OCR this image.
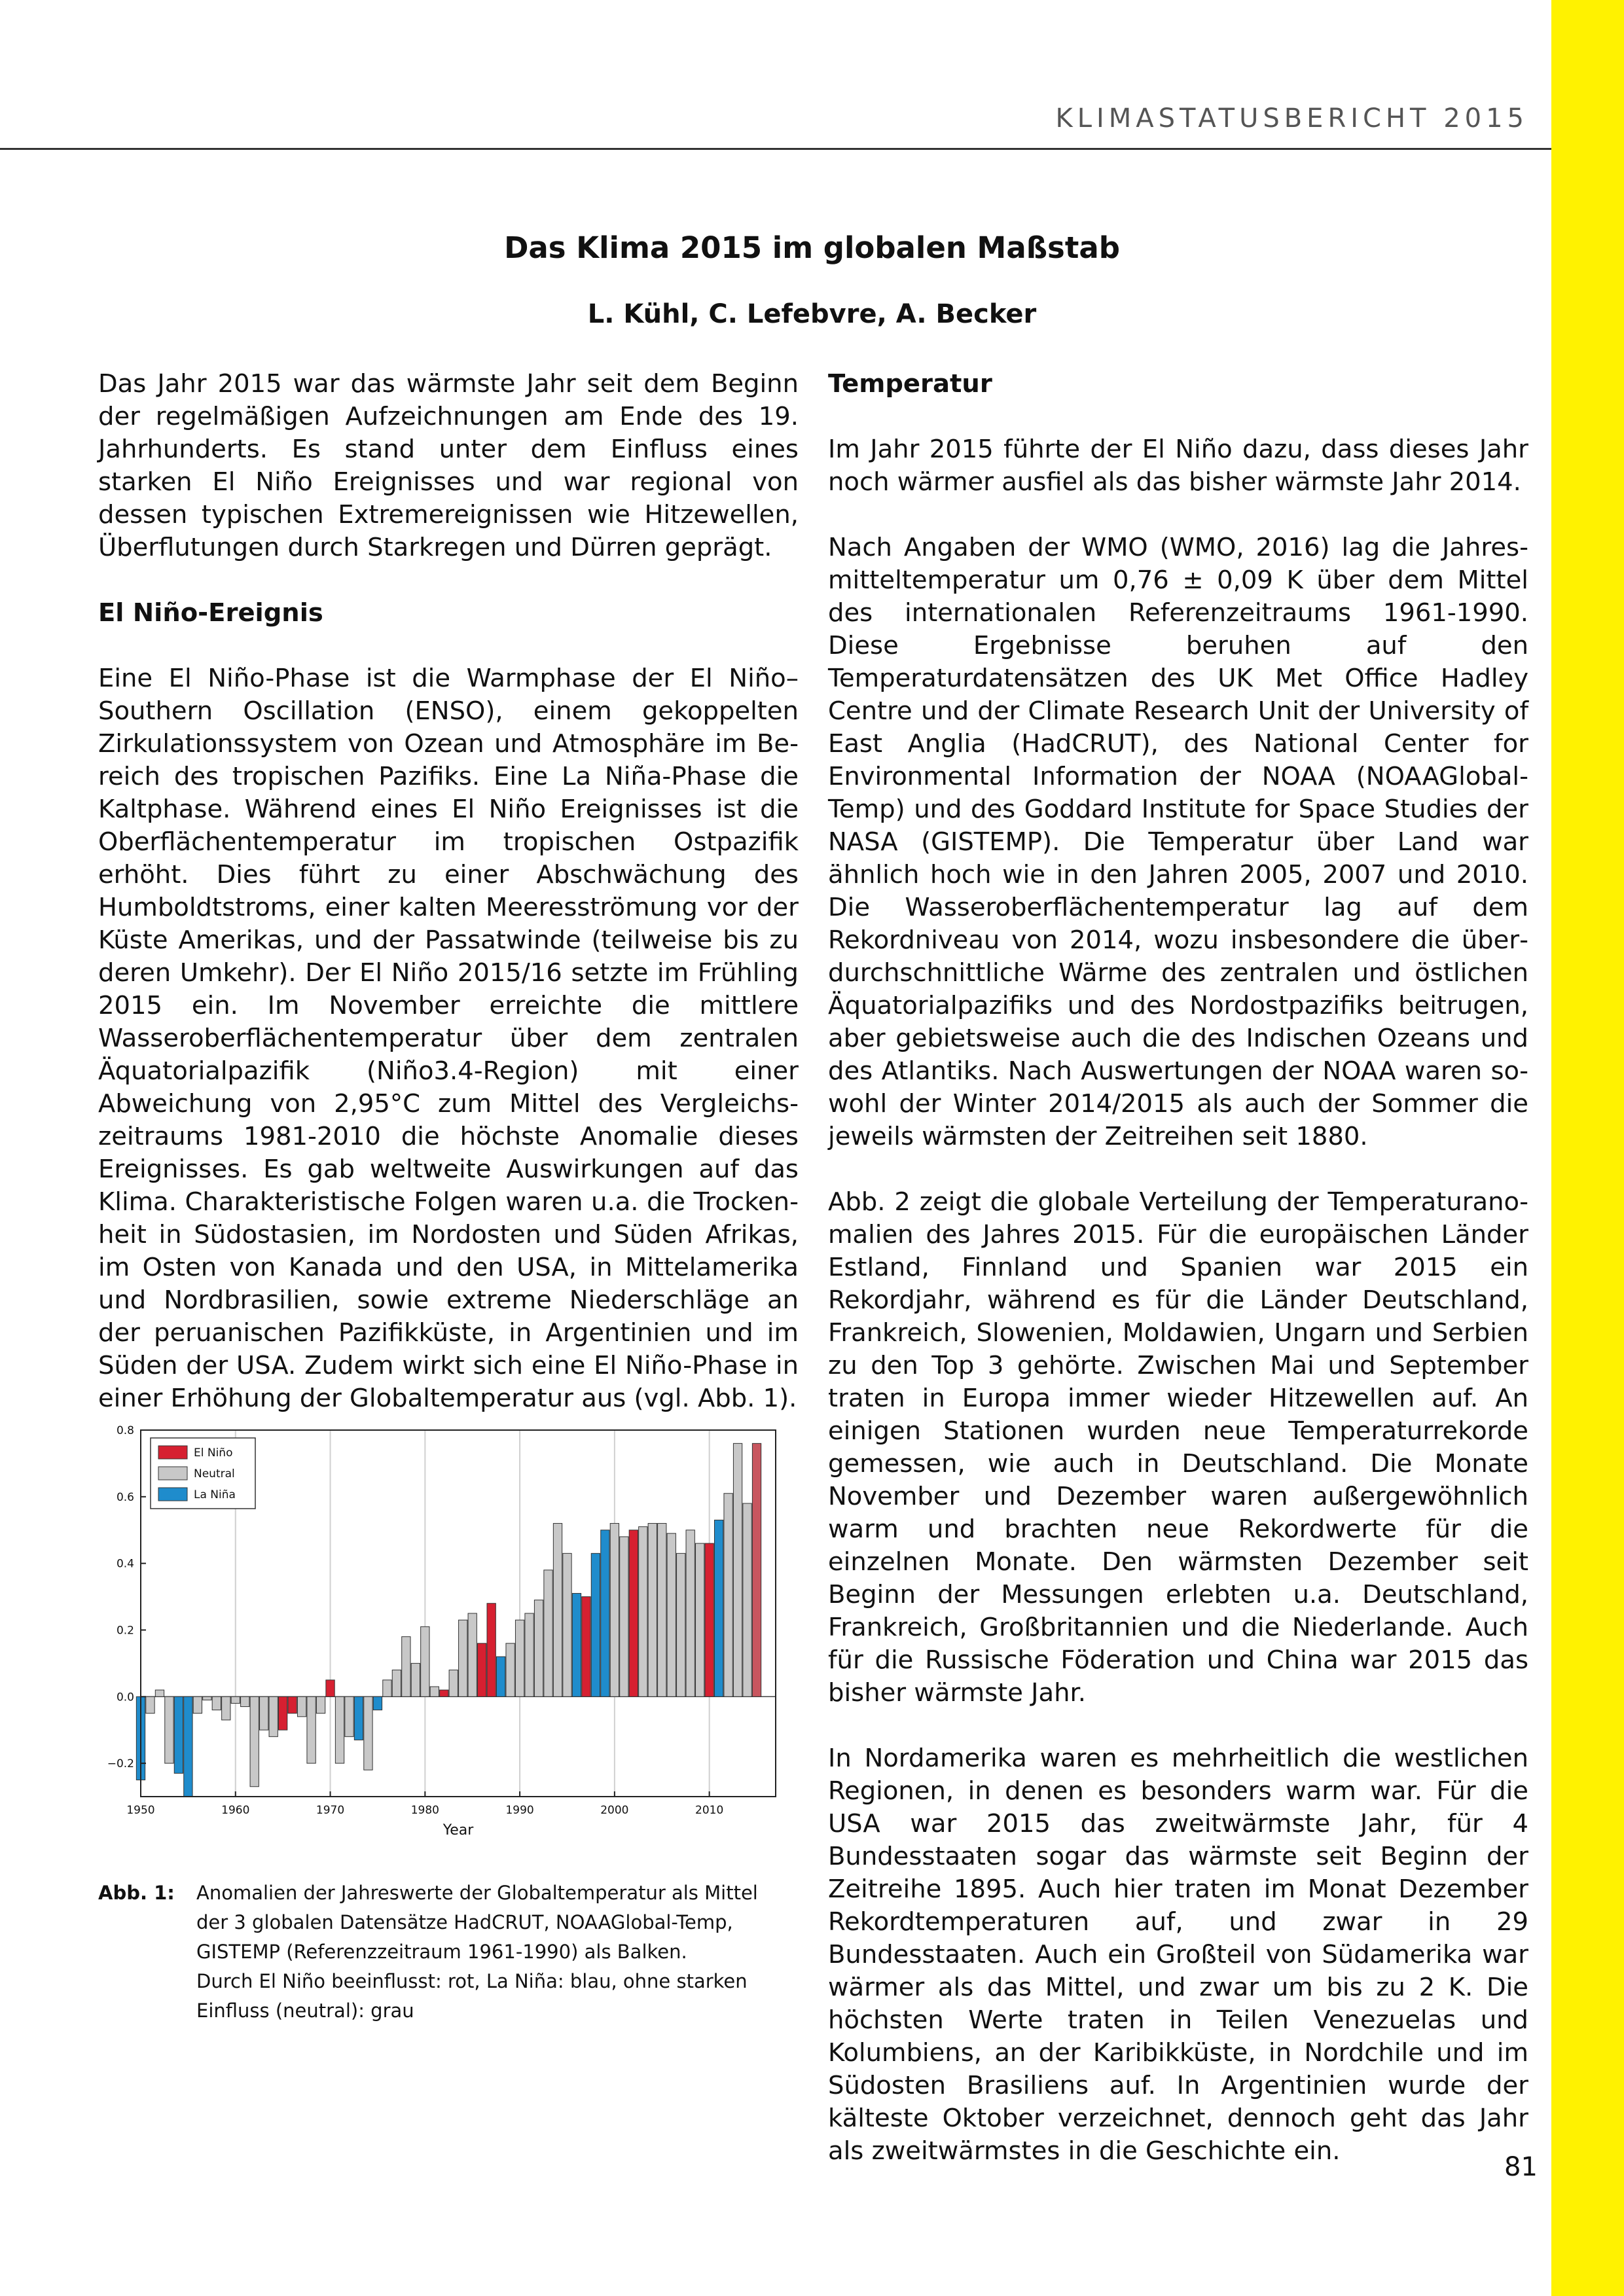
KLIMASTATUSBERICHT 2015
Das Klima 2015 im globalen Maßstab
L. Kühl, C. Lefebvre, A. Becker

Das Jahr 2015 war das wärmste Jahr seit dem Beginn der regelmäßigen Aufzeichnungen am Ende des 19. Jahrhunderts. Es stand unter dem Einfluss eines starken El Niño Ereignisses und war regional von dessen typischen Extremereignissen wie Hitzewellen, Überflutungen durch Starkregen und Dürren geprägt.

El Niño-Ereignis

Eine El Niño-Phase ist die Warmphase der El Niño–Southern Oscillation (ENSO), einem gekoppelten Zirkulationssystem von Ozean und Atmosphäre im Bereich des tropischen Pazifiks. Eine La Niña-Phase die Kaltphase. Während eines El Niño Ereignisses ist die Oberflächentemperatur im tropischen Ostpazifik erhöht. Dies führt zu einer Abschwächung des Humboldtstroms, einer kalten Meeresströmung vor der Küste Amerikas, und der Passatwinde (teilweise bis zu deren Umkehr). Der El Niño 2015/16 setzte im Frühling 2015 ein. Im November erreichte die mittlere Wasseroberflächentemperatur über dem zentralen Äquatorialpazifik (Niño3.4-Region) mit einer Abweichung von 2,95°C zum Mittel des Vergleichszeitraums 1981-2010 die höchste Anomalie dieses Ereignisses. Es gab weltweite Auswirkungen auf das Klima. Charakteristische Folgen waren u.a. die Trockenheit in Südostasien, im Nordosten und Süden Afrikas, im Osten von Kanada und den USA, in Mittelamerika und Nordbrasilien, sowie extreme Niederschläge an der peruanischen Pazifikküste, in Argentinien und im Süden der USA. Zudem wirkt sich eine El Niño-Phase in einer Erhöhung der Globaltemperatur aus (vgl. Abb. 1).

Temperatur

Im Jahr 2015 führte der El Niño dazu, dass dieses Jahr noch wärmer ausfiel als das bisher wärmste Jahr 2014.

Nach Angaben der WMO (WMO, 2016) lag die Jahresmitteltemperatur um 0,76 ± 0,09 K über dem Mittel des internationalen Referenzeitraums 1961-1990. Diese Ergebnisse beruhen auf den Temperaturdatensätzen des UK Met Office Hadley Centre und der Climate Research Unit der University of East Anglia (HadCRUT), des National Center for Environmental Information der NOAA (NOAAGlobal-Temp) und des Goddard Institute for Space Studies der NASA (GISTEMP). Die Temperatur über Land war ähnlich hoch wie in den Jahren 2005, 2007 und 2010. Die Wasseroberflächentemperatur lag auf dem Rekordniveau von 2014, wozu insbesondere die überdurchschnittliche Wärme des zentralen und östlichen Äquatorialpazifiks und des Nordostpazifiks beitrugen, aber gebietsweise auch die des Indischen Ozeans und des Atlantiks. Nach Auswertungen der NOAA waren sowohl der Winter 2014/2015 als auch der Sommer die jeweils wärmsten der Zeitreihen seit 1880.

Abb. 2 zeigt die globale Verteilung der Temperaturanomalien des Jahres 2015. Für die europäischen Länder Estland, Finnland und Spanien war 2015 ein Rekordjahr, während es für die Länder Deutschland, Frankreich, Slowenien, Moldawien, Ungarn und Serbien zu den Top 3 gehörte. Zwischen Mai und September traten in Europa immer wieder Hitzewellen auf. An einigen Stationen wurden neue Temperaturrekorde gemessen, wie auch in Deutschland. Die Monate November und Dezember waren außergewöhnlich warm und brachten neue Rekordwerte für die einzelnen Monate. Den wärmsten Dezember seit Beginn der Messungen erlebten u.a. Deutschland, Frankreich, Großbritannien und die Niederlande. Auch für die Russische Föderation und China war 2015 das bisher wärmste Jahr.

In Nordamerika waren es mehrheitlich die westlichen Regionen, in denen es besonders warm war. Für die USA war 2015 das zweitwärmste Jahr, für 4 Bundesstaaten sogar das wärmste seit Beginn der Zeitreihe 1895. Auch hier traten im Monat Dezember Rekordtemperaturen auf, und zwar in 29 Bundesstaaten. Auch ein Großteil von Südamerika war wärmer als das Mittel, und zwar um bis zu 2 K. Die höchsten Werte traten in Teilen Venezuelas und Kolumbiens, an der Karibikküste, in Nordchile und im Südosten Brasiliens auf. In Argentinien wurde der kälteste Oktober verzeichnet, dennoch geht das Jahr als zweitwärmstes in die Geschichte ein.

−0.2
0.0
0.2
0.4
0.6
0.8
1950	1960	1970	1980	1990	2000	2010
Year
El Niño
Neutral
La Niña
Abb. 1: Anomalien der Jahreswerte der Globaltemperatur als Mittel
der 3 globalen Datensätze HadCRUT, NOAAGlobal-Temp,
GISTEMP (Referenzzeitraum 1961-1990) als Balken.
Durch El Niño beeinflusst: rot, La Niña: blau, ohne starken
Einfluss (neutral): grau
81
